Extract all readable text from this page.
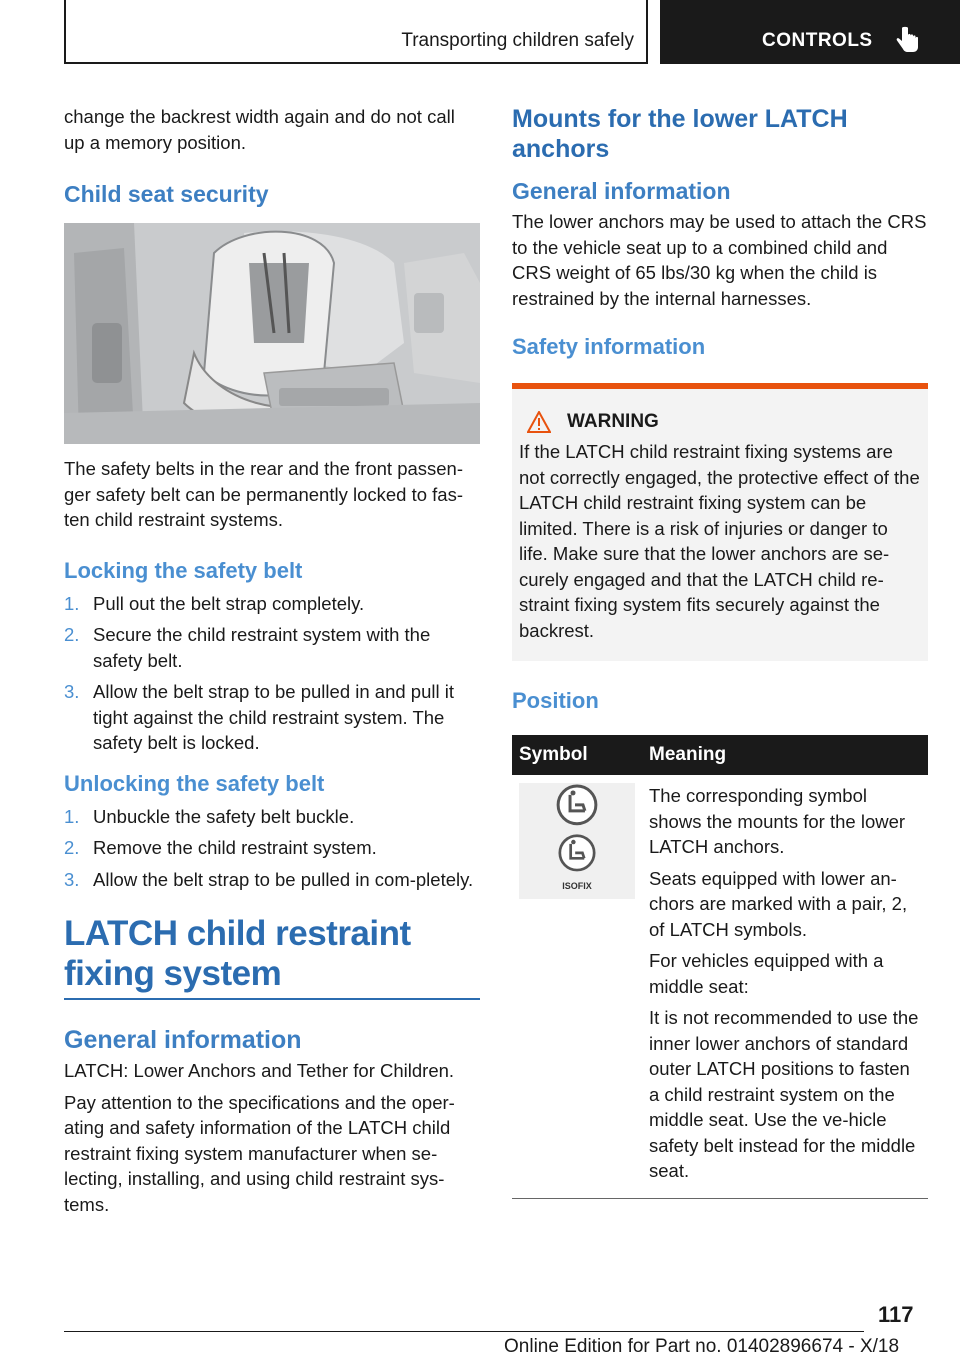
Transporting children safely	CONTROLS

change the backrest width again and do not call up a memory position.

Child seat security

The safety belts in the rear and the front passen-ger safety belt can be permanently locked to fas-ten child restraint systems.

Locking the safety belt
1. Pull out the belt strap completely.
2. Secure the child restraint system with the safety belt.
3. Allow the belt strap to be pulled in and pull it tight against the child restraint system. The safety belt is locked.
Unlocking the safety belt
1. Unbuckle the safety belt buckle.
2. Remove the child restraint system.
3. Allow the belt strap to be pulled in com-pletely.
LATCH child restraint fixing system
General information

LATCH: Lower Anchors and Tether for Children.

Pay attention to the specifications and the oper-ating and safety information of the LATCH child restraint fixing system manufacturer when se-lecting, installing, and using child restraint sys-tems.

Mounts for the lower LATCH anchors
General information

The lower anchors may be used to attach the CRS to the vehicle seat up to a combined child and CRS weight of 65 lbs/30 kg when the child is restrained by the internal harnesses.

Safety information
WARNING

If the LATCH child restraint fixing systems are not correctly engaged, the protective effect of the LATCH child restraint fixing system can be limited. There is a risk of injuries or danger to life. Make sure that the lower anchors are se-curely engaged and that the LATCH child re-straint fixing system fits securely against the backrest.

Position
Symbol	Meaning

ISOFIX	The corresponding symbol shows the mounts for the lower LATCH anchors.

Seats equipped with lower an-chors are marked with a pair, 2, of LATCH symbols.

For vehicles equipped with a middle seat:

It is not recommended to use the inner lower anchors of standard outer LATCH positions to fasten a child restraint system on the middle seat. Use the ve-hicle safety belt instead for the middle seat.

117
Online Edition for Part no. 01402896674 - X/18
